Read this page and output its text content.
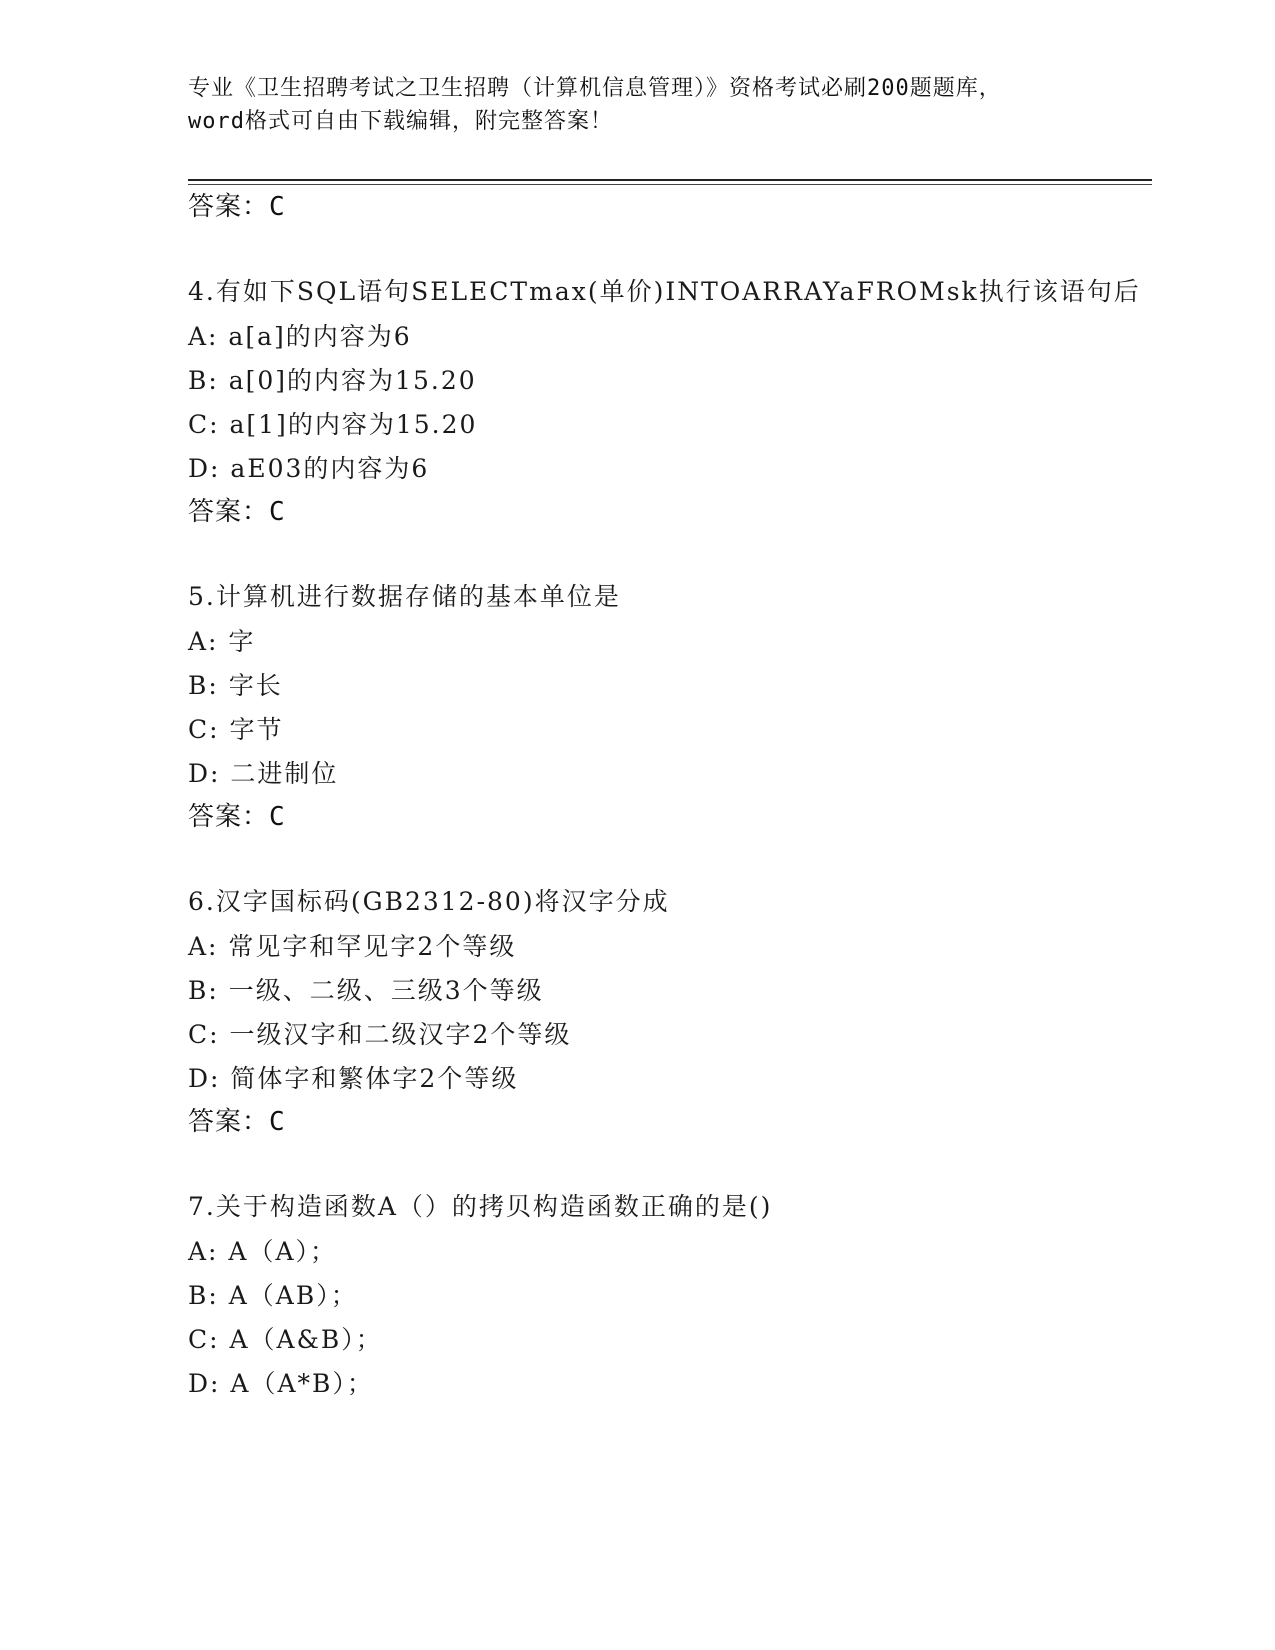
专业《卫生招聘考试之卫生招聘（计算机信息管理）》资格考试必刷200题题库，
word格式可自由下载编辑，附完整答案！
答案：C
4.有如下SQL语句SELECTmax(单价)INTOARRAYaFROMsk执行该语句后
A: a[a]的内容为6
B: a[0]的内容为15.20
C: a[1]的内容为15.20
D: aE03的内容为6
答案：C
5.计算机进行数据存储的基本单位是
A: 字
B: 字长
C: 字节
D: 二进制位
答案：C
6.汉字国标码(GB2312-80)将汉字分成
A: 常见字和罕见字2个等级
B: 一级、二级、三级3个等级
C: 一级汉字和二级汉字2个等级
D: 简体字和繁体字2个等级
答案：C
7.关于构造函数A（）的拷贝构造函数正确的是()
A: A（A）；
B: A（AB）；
C: A（A&B）；
D: A（A*B）；
